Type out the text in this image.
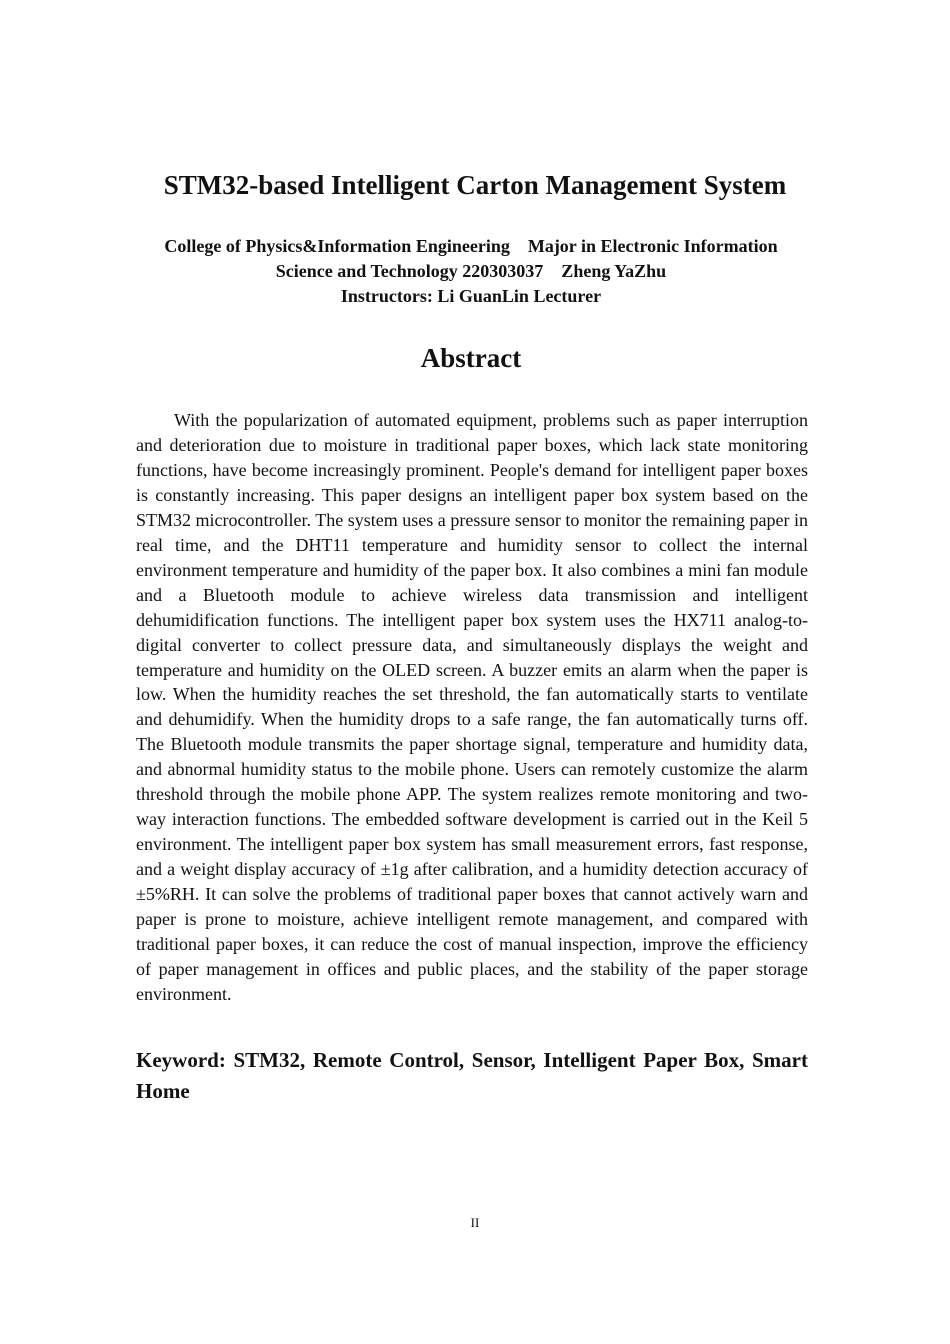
STM32-based Intelligent Carton Management System
College of Physics&Information Engineering　Major in Electronic Information
Science and Technology 220303037　Zheng YaZhu
Instructors: Li GuanLin Lecturer
Abstract

With the popularization of automated equipment, problems such as paper interruption and deterioration due to moisture in traditional paper boxes, which lack state monitoring functions, have become increasingly prominent. People's demand for intelligent paper boxes is constantly increasing. This paper designs an intelligent paper box system based on the STM32 microcontroller. The system uses a pressure sensor to monitor the remaining paper in real time, and the DHT11 temperature and humidity sensor to collect the internal environment temperature and humidity of the paper box. It also combines a mini fan module and a Bluetooth module to achieve wireless data transmission and intelligent dehumidification functions. The intelligent paper box system uses the HX711 analog-to-digital converter to collect pressure data, and simultaneously displays the weight and temperature and humidity on the OLED screen. A buzzer emits an alarm when the paper is low. When the humidity reaches the set threshold, the fan automatically starts to ventilate and dehumidify. When the humidity drops to a safe range, the fan automatically turns off. The Bluetooth module transmits the paper shortage signal, temperature and humidity data, and abnormal humidity status to the mobile phone. Users can remotely customize the alarm threshold through the mobile phone APP. The system realizes remote monitoring and two-way interaction functions. The embedded software development is carried out in the Keil 5 environment. The intelligent paper box system has small measurement errors, fast response, and a weight display accuracy of ±1g after calibration, and a humidity detection accuracy of ±5%RH. It can solve the problems of traditional paper boxes that cannot actively warn and paper is prone to moisture, achieve intelligent remote management, and compared with traditional paper boxes, it can reduce the cost of manual inspection, improve the efficiency of paper management in offices and public places, and the stability of the paper storage environment.

Keyword: STM32, Remote Control, Sensor, Intelligent Paper Box, Smart Home

II
